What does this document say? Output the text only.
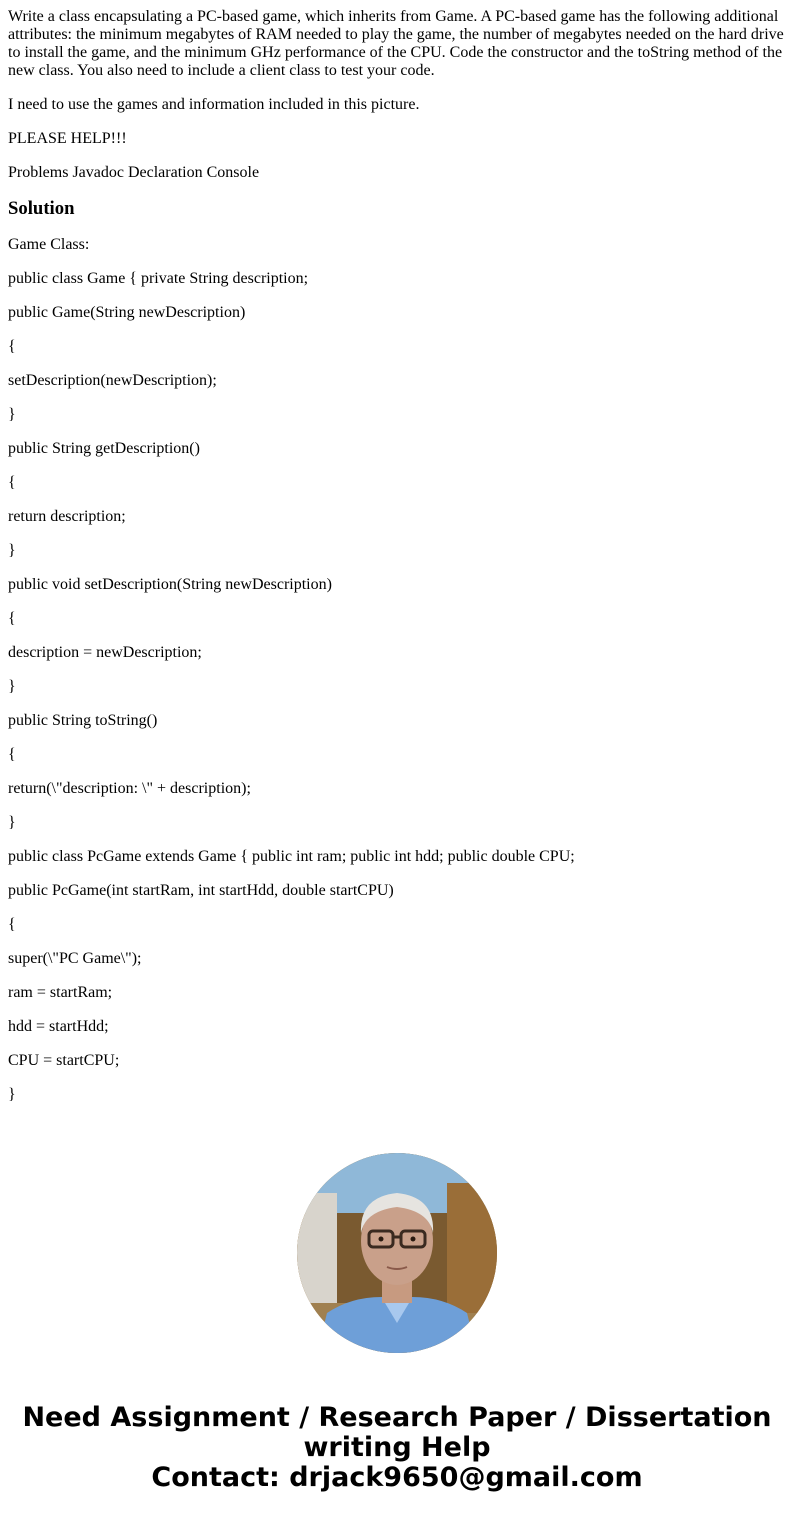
Write a class encapsulating a PC-based game, which inherits from Game. A PC-based game has the following additional attributes: the minimum megabytes of RAM needed to play the game, the number of megabytes needed on the hard drive to install the game, and the minimum GHz performance of the CPU. Code the constructor and the toString method of the new class. You also need to include a client class to test your code.

I need to use the games and information included in this picture.

PLEASE HELP!!!

Problems Javadoc Declaration Console

Solution

Game Class:

public class Game { private String description;

public Game(String newDescription)

{

setDescription(newDescription);

}

public String getDescription()

{

return description;

}

public void setDescription(String newDescription)

{

description = newDescription;

}

public String toString()

{

return(\"description: \" + description);

}

public class PcGame extends Game { public int ram; public int hdd; public double CPU;

public PcGame(int startRam, int startHdd, double startCPU)

{

super(\"PC Game\");

ram = startRam;

hdd = startHdd;

CPU = startCPU;

}

Need Assignment / Research Paper / Dissertation
writing Help
Contact: drjack9650@gmail.com
